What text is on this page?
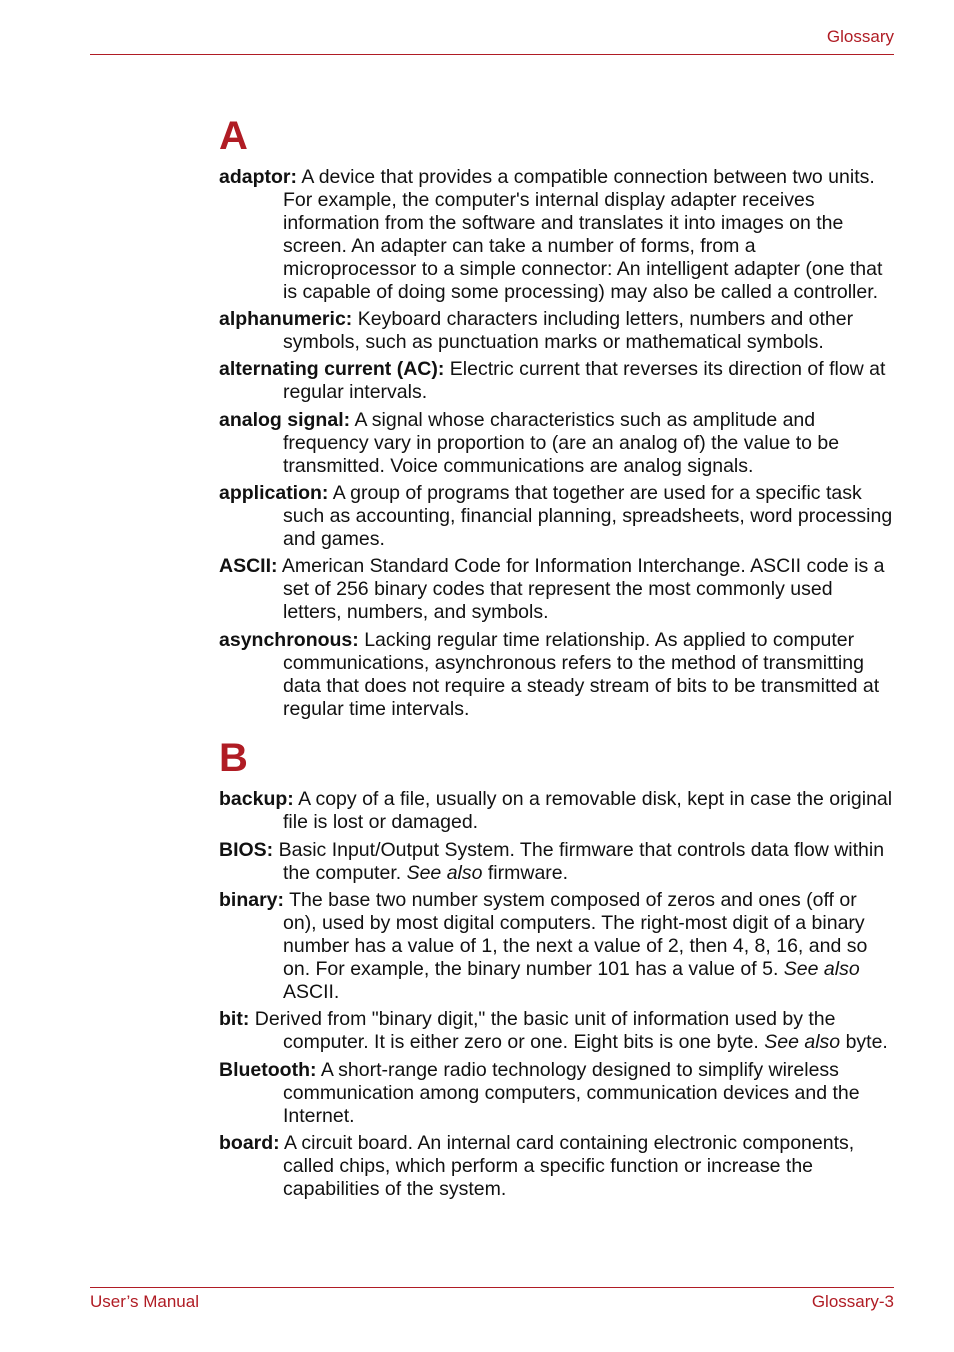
Glossary
A

adaptor: A device that provides a compatible connection between two units. For example, the computer's internal display adapter receives information from the software and translates it into images on the screen. An adapter can take a number of forms, from a microprocessor to a simple connector: An intelligent adapter (one that is capable of doing some processing) may also be called a controller.

alphanumeric: Keyboard characters including letters, numbers and other symbols, such as punctuation marks or mathematical symbols.

alternating current (AC): Electric current that reverses its direction of flow at regular intervals.

analog signal: A signal whose characteristics such as amplitude and frequency vary in proportion to (are an analog of) the value to be transmitted. Voice communications are analog signals.

application: A group of programs that together are used for a specific task such as accounting, financial planning, spreadsheets, word processing and games.

ASCII: American Standard Code for Information Interchange. ASCII code is a set of 256 binary codes that represent the most commonly used letters, numbers, and symbols.

asynchronous: Lacking regular time relationship. As applied to computer communications, asynchronous refers to the method of transmitting data that does not require a steady stream of bits to be transmitted at regular time intervals.

B

backup: A copy of a file, usually on a removable disk, kept in case the original file is lost or damaged.

BIOS: Basic Input/Output System. The firmware that controls data flow within the computer. See also firmware.

binary: The base two number system composed of zeros and ones (off or on), used by most digital computers. The right-most digit of a binary number has a value of 1, the next a value of 2, then 4, 8, 16, and so on. For example, the binary number 101 has a value of 5. See also ASCII.

bit: Derived from "binary digit," the basic unit of information used by the computer. It is either zero or one. Eight bits is one byte. See also byte.

Bluetooth: A short-range radio technology designed to simplify wireless communication among computers, communication devices and the Internet.

board: A circuit board. An internal card containing electronic components, called chips, which perform a specific function or increase the capabilities of the system.

User’s Manual	Glossary-3
